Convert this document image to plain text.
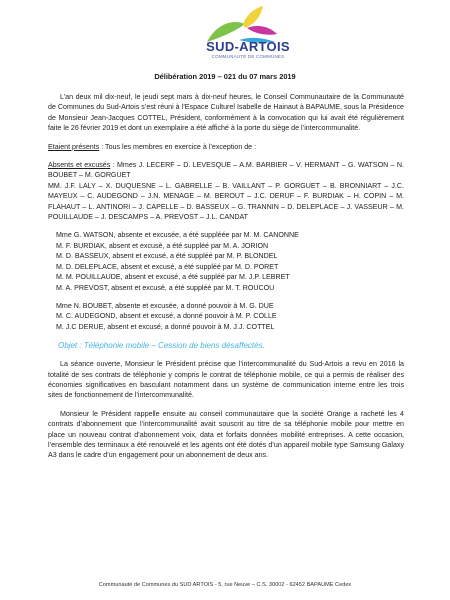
SUD-ARTOIS
COMMUNAUTÉ DE COMMUNES
Délibération 2019 – 021 du 07 mars 2019

L’an deux mil dix-neuf, le jeudi sept mars à dix-neuf heures, le Conseil Communautaire de la Communauté de Communes du Sud-Artois s’est réuni à l’Espace Culturel Isabelle de Hainaut à BAPAUME, sous la Présidence de Monsieur Jean-Jacques COTTEL, Président, conformément à la convocation qui lui avait été régulièrement faite le 26 février 2019 et dont un exemplaire a été affiché à la porte du siège de l’intercommunalité.

Etaient présents : Tous les membres en exercice à l’exception de :

Absents et excusés : Mmes J. LECERF – D. LEVESQUE – A.M. BARBIER – V. HERMANT – G. WATSON – N. BOUBET – M. GORGUET

MM. J.F. LALY – X. DUQUESNE – L. GABRELLE – B. VAILLANT – P. GORGUET – B. BRONNIART – J.C. MAYEUX – C. AUDEGOND – J.N. MENAGE – M. BEROUT – J.C. DERUF – F. BURDIAK – H. COPIN – M. FLAHAUT – L. ANTINORI – J. CAPELLE – D. BASSEUX – G. TRANNIN – D. DELEPLACE – J. VASSEUR – M. POUILLAUDE – J. DESCAMPS – A. PREVOST – J.L. CANDAT

Mme G. WATSON, absente et excusée, a été suppléée par M. M. CANONNE

M. F. BURDIAK, absent et excusé, a été suppléé par M. A. JORION

M. D. BASSEUX, absent et excusé, a été suppléé par M. P. BLONDEL

M. D. DELEPLACE, absent et excusé, a été suppléé par M. D. PORET

M. M. POUILLAUDE, absent et excusé, a été suppléé par M. J.P. LEBRET

M. A. PREVOST, absent et excusé, a été suppléé par M. T. ROUCOU

Mme N. BOUBET, absente et excusée, a donné pouvoir à M. G. DUE

M. C. AUDEGOND, absent et excusé, a donné pouvoir à M. P. COLLE

M. J.C DERUE, absent et excusé, a donné pouvoir à M. J.J. COTTEL

Objet : Téléphonie mobile – Cession de biens désaffectés.

La séance ouverte, Monsieur le Président précise que l’intercommunalité du Sud-Artois a revu en 2016 la totalité de ses contrats de téléphonie y compris le contrat de téléphonie mobile, ce qui a permis de réaliser des économies significatives en basculant notamment dans un système de communication interne entre les trois sites de fonctionnement de l’intercommunalité.

Monsieur le Président rappelle ensuite au conseil communautaire que la société Orange a racheté les 4 contrats d’abonnement que l’intercommunalité avait souscrit au titre de sa téléphonie mobile pour mettre en place un nouveau contrat d’abonnement voix, data et forfaits données mobilité entreprises. A cette occasion, l’ensemble des terminaux a été renouvelé et les agents ont été dotés d’un appareil mobile type Samsung Galaxy A3 dans le cadre d’un engagement pour un abonnement de deux ans.

Communauté de Communes du SUD ARTOIS - 5, rue Neuve – C.S. 30002 - 62452 BAPAUME Cedex
